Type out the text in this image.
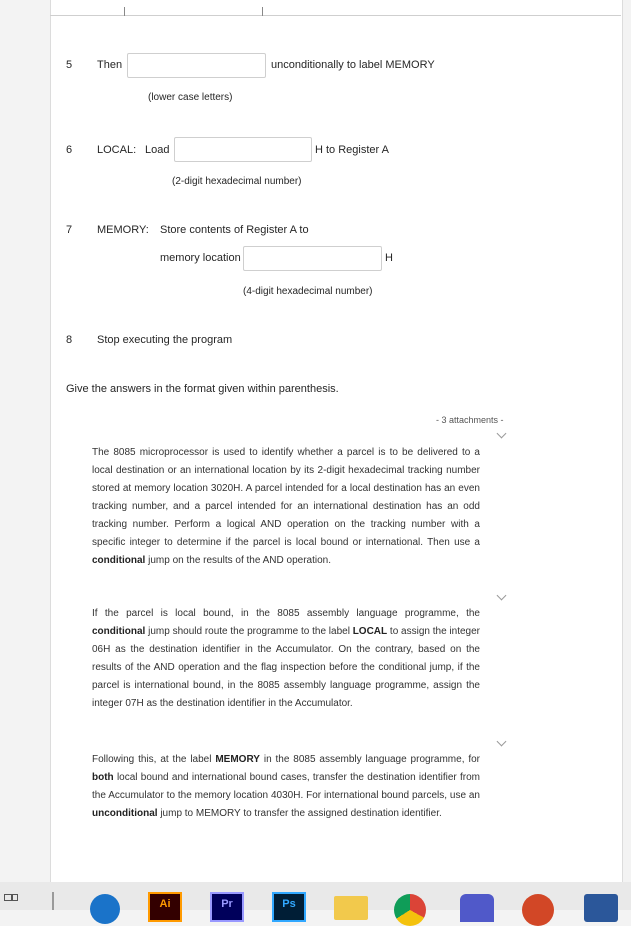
5 Then	unconditionally to label MEMORY
(lower case letters)
6 LOCAL: Load	H to Register A
(2-digit hexadecimal number)
7 MEMORY: Store contents of Register A to
memory location	H
(4-digit hexadecimal number)
8 Stop executing the program
Give the answers in the format given within parenthesis.
- 3 attachments -
The 8085 microprocessor is used to identify whether a parcel is to be delivered to a local destination or an international location by its 2-digit hexadecimal tracking number stored at memory location 3020H. A parcel intended for a local destination has an even tracking number, and a parcel intended for an international destination has an odd tracking number. Perform a logical AND operation on the tracking number with a specific integer to determine if the parcel is local bound or international. Then use a conditional jump on the results of the AND operation.
If the parcel is local bound, in the 8085 assembly language programme, the conditional jump should route the programme to the label LOCAL to assign the integer 06H as the destination identifier in the Accumulator. On the contrary, based on the results of the AND operation and the flag inspection before the conditional jump, if the parcel is international bound, in the 8085 assembly language programme, assign the integer 07H as the destination identifier in the Accumulator.
Following this, at the label MEMORY in the 8085 assembly language programme, for both local bound and international bound cases, transfer the destination identifier from the Accumulator to the memory location 4030H. For international bound parcels, use an unconditional jump to MEMORY to transfer the assigned destination identifier.
Ai	Pr	Ps
